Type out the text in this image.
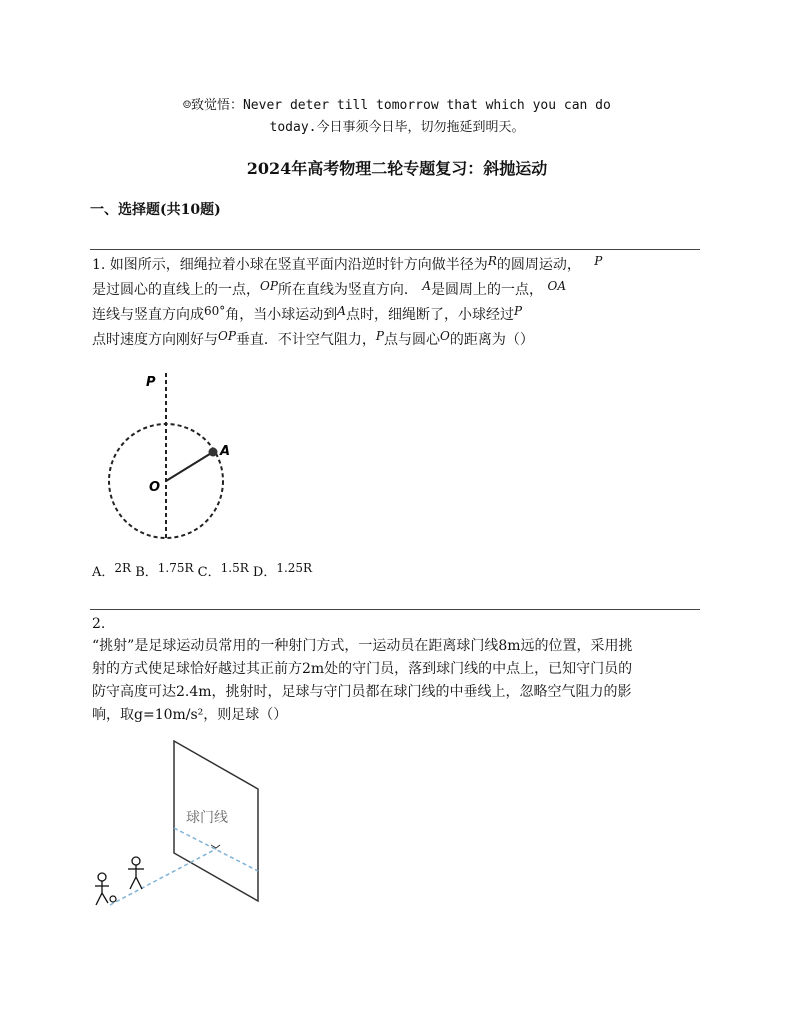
☺致觉悟：Never deter till tomorrow that which you can do
today.今日事须今日毕，切勿拖延到明天。
2024年高考物理二轮专题复习：斜抛运动
一、选择题(共10题)
1. 如图所示，细绳拉着小球在竖直平面内沿逆时针方向做半径为R的圆周运动， P
是过圆心的直线上的一点，OP所在直线为竖直方向． A是圆周上的一点， OA
连线与竖直方向成60°角，当小球运动到A点时，细绳断了，小球经过P
点时速度方向刚好与OP垂直．不计空气阻力，P点与圆心O的距离为（）
P
A
O
A．2R B．1.75R C．1.5R D．1.25R
2.
“挑射”是足球运动员常用的一种射门方式，一运动员在距离球门线8m远的位置，采用挑
射的方式使足球恰好越过其正前方2m处的守门员，落到球门线的中点上，已知守门员的
防守高度可达2.4m，挑射时，足球与守门员都在球门线的中垂线上，忽略空气阻力的影
响，取g=10m/s²，则足球（）
球门线
